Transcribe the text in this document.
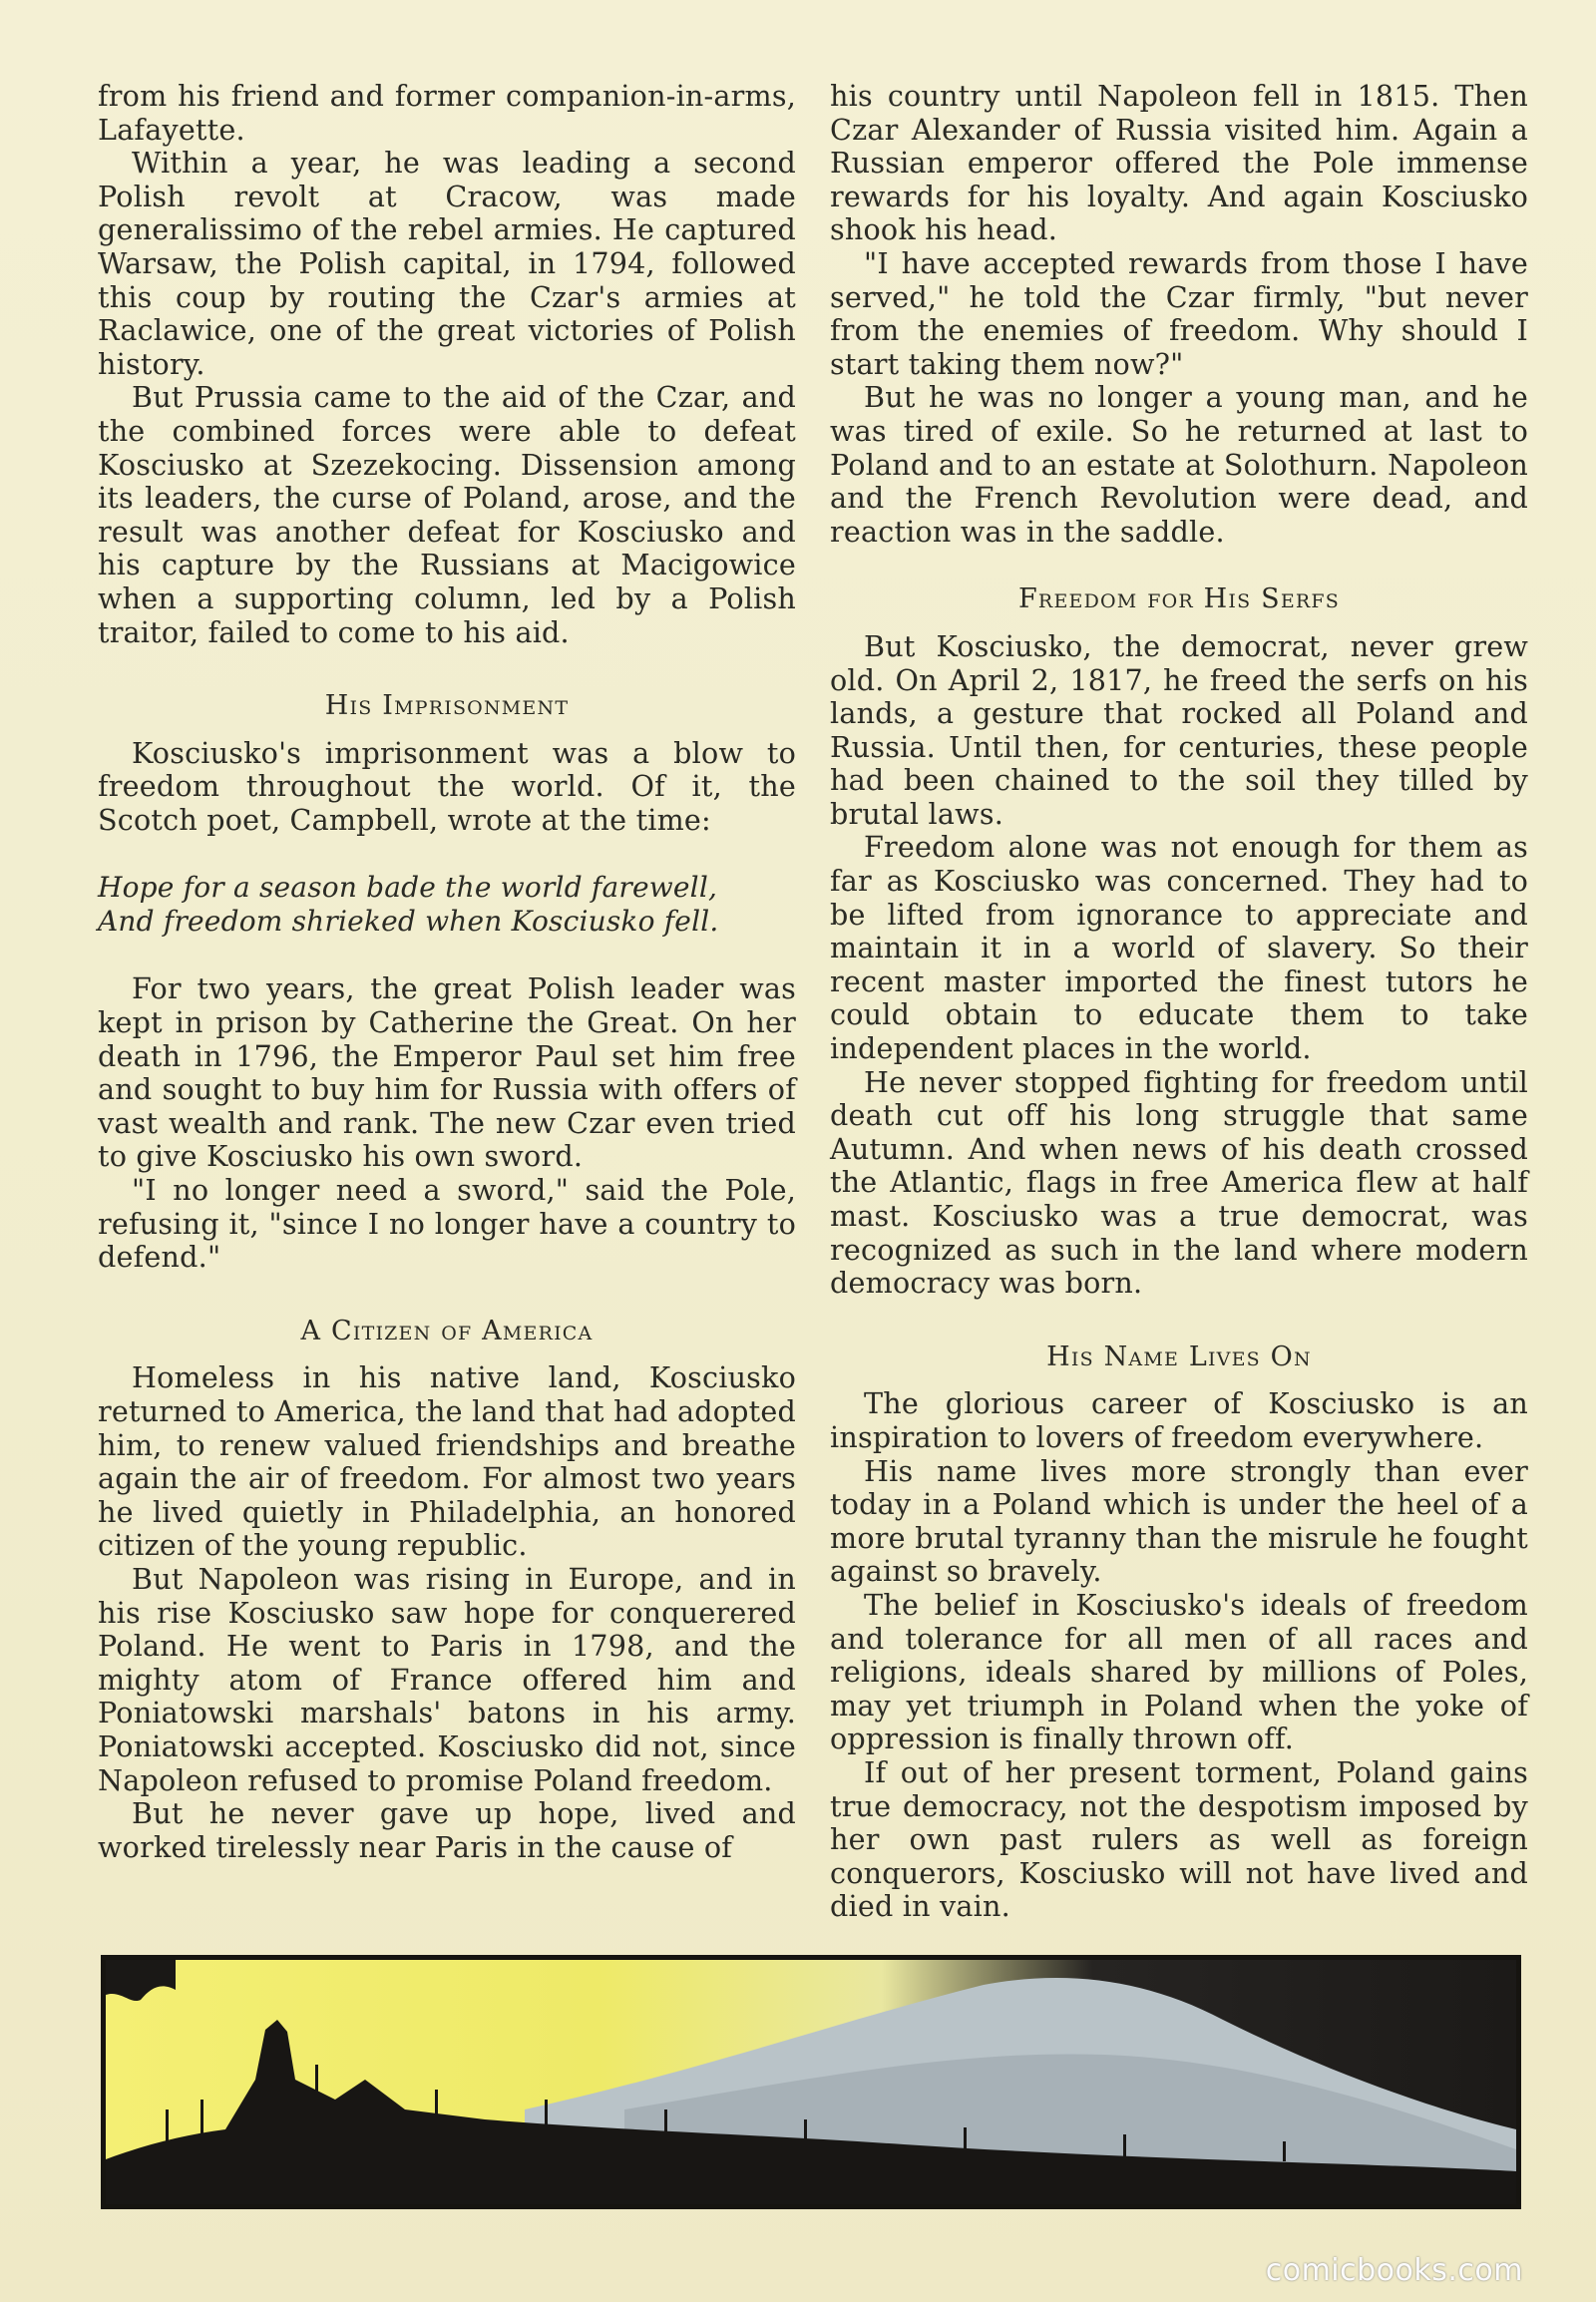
from his friend and former companion-in-arms, Lafayette.

Within a year, he was leading a second Polish revolt at Cracow, was made generalissimo of the rebel armies. He captured Warsaw, the Polish capital, in 1794, followed this coup by routing the Czar's armies at Raclawice, one of the great victories of Polish history.

But Prussia came to the aid of the Czar, and the combined forces were able to defeat Kosciusko at Szezekocing. Dissension among its leaders, the curse of Poland, arose, and the result was another defeat for Kosciusko and his capture by the Russians at Macigowice when a supporting column, led by a Polish traitor, failed to come to his aid.

His Imprisonment

Kosciusko's imprisonment was a blow to freedom throughout the world. Of it, the Scotch poet, Campbell, wrote at the time:

Hope for a season bade the world farewell,
And freedom shrieked when Kosciusko fell.

For two years, the great Polish leader was kept in prison by Catherine the Great. On her death in 1796, the Emperor Paul set him free and sought to buy him for Russia with offers of vast wealth and rank. The new Czar even tried to give Kosciusko his own sword.

"I no longer need a sword," said the Pole, refusing it, "since I no longer have a country to defend."

A Citizen of America

Homeless in his native land, Kosciusko returned to America, the land that had adopted him, to renew valued friendships and breathe again the air of freedom. For almost two years he lived quietly in Philadelphia, an honored citizen of the young republic.

But Napoleon was rising in Europe, and in his rise Kosciusko saw hope for conquerered Poland. He went to Paris in 1798, and the mighty atom of France offered him and Poniatowski marshals' batons in his army. Poniatowski accepted. Kosciusko did not, since Napoleon refused to promise Poland freedom.

But he never gave up hope, lived and worked tirelessly near Paris in the cause of

his country until Napoleon fell in 1815. Then Czar Alexander of Russia visited him. Again a Russian emperor offered the Pole immense rewards for his loyalty. And again Kosciusko shook his head.

"I have accepted rewards from those I have served," he told the Czar firmly, "but never from the enemies of freedom. Why should I start taking them now?"

But he was no longer a young man, and he was tired of exile. So he returned at last to Poland and to an estate at Solothurn. Napoleon and the French Revolution were dead, and reaction was in the saddle.

Freedom for His Serfs

But Kosciusko, the democrat, never grew old. On April 2, 1817, he freed the serfs on his lands, a gesture that rocked all Poland and Russia. Until then, for centuries, these people had been chained to the soil they tilled by brutal laws.

Freedom alone was not enough for them as far as Kosciusko was concerned. They had to be lifted from ignorance to appreciate and maintain it in a world of slavery. So their recent master imported the finest tutors he could obtain to educate them to take independent places in the world.

He never stopped fighting for freedom until death cut off his long struggle that same Autumn. And when news of his death crossed the Atlantic, flags in free America flew at half mast. Kosciusko was a true democrat, was recognized as such in the land where modern democracy was born.

His Name Lives On

The glorious career of Kosciusko is an inspiration to lovers of freedom everywhere.

His name lives more strongly than ever today in a Poland which is under the heel of a more brutal tyranny than the misrule he fought against so bravely.

The belief in Kosciusko's ideals of freedom and tolerance for all men of all races and religions, ideals shared by millions of Poles, may yet triumph in Poland when the yoke of oppression is finally thrown off.

If out of her present torment, Poland gains true democracy, not the despotism imposed by her own past rulers as well as foreign conquerors, Kosciusko will not have lived and died in vain.

comicbooks.com
